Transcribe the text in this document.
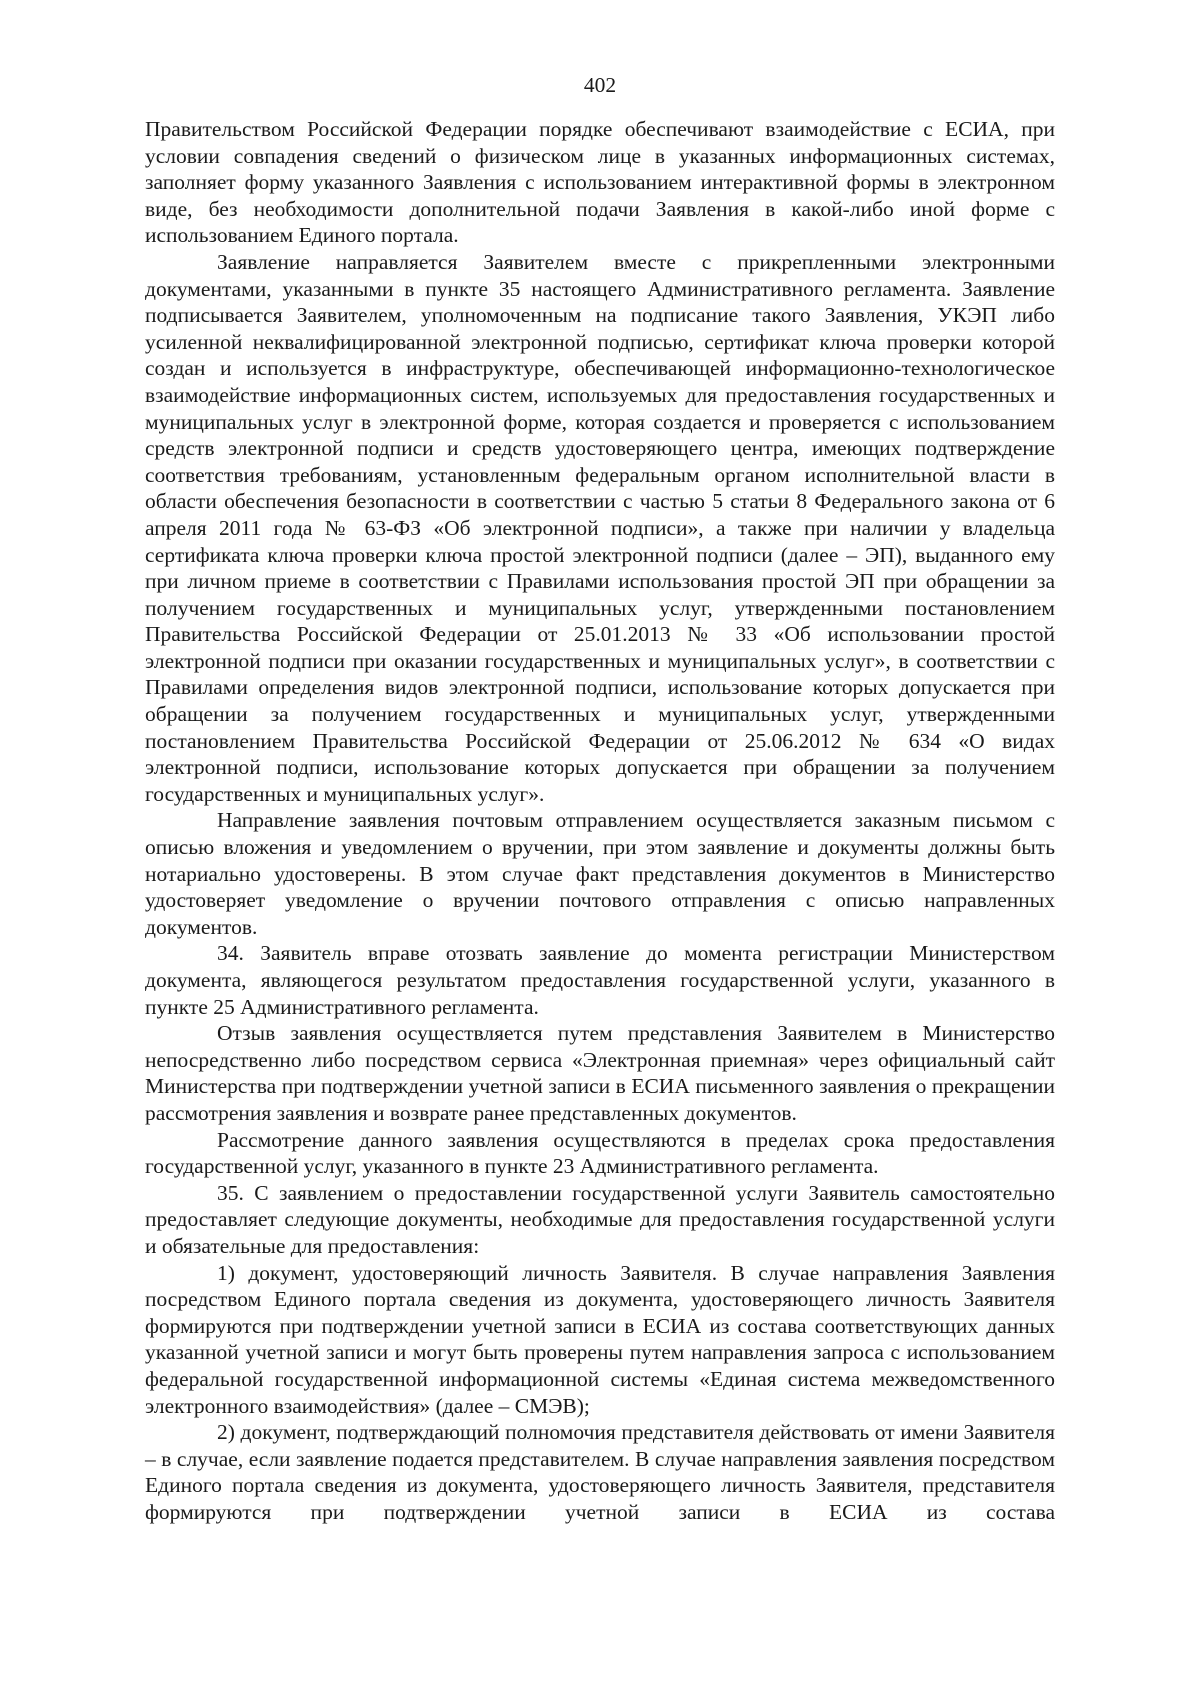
402

Правительством Российской Федерации порядке обеспечивают взаимодействие с ЕСИА, при условии совпадения сведений о физическом лице в указанных информационных системах, заполняет форму указанного Заявления с использованием интерактивной формы в электронном виде, без необходимости дополнительной подачи Заявления в какой-либо иной форме с использованием Единого портала.

Заявление направляется Заявителем вместе с прикрепленными электронными документами, указанными в пункте 35 настоящего Административного регламента. Заявление подписывается Заявителем, уполномоченным на подписание такого Заявления, УКЭП либо усиленной неквалифицированной электронной подписью, сертификат ключа проверки которой создан и используется в инфраструктуре, обеспечивающей информационно-технологическое взаимодействие информационных систем, используемых для предоставления государственных и муниципальных услуг в электронной форме, которая создается и проверяется с использованием средств электронной подписи и средств удостоверяющего центра, имеющих подтверждение соответствия требованиям, установленным федеральным органом исполнительной власти в области обеспечения безопасности в соответствии с частью 5 статьи 8 Федерального закона от 6 апреля 2011 года № 63-ФЗ «Об электронной подписи», а также при наличии у владельца сертификата ключа проверки ключа простой электронной подписи (далее – ЭП), выданного ему при личном приеме в соответствии с Правилами использования простой ЭП при обращении за получением государственных и муниципальных услуг, утвержденными постановлением Правительства Российской Федерации от 25.01.2013 № 33 «Об использовании простой электронной подписи при оказании государственных и муниципальных услуг», в соответствии с Правилами определения видов электронной подписи, использование которых допускается при обращении за получением государственных и муниципальных услуг, утвержденными постановлением Правительства Российской Федерации от 25.06.2012 № 634 «О видах электронной подписи, использование которых допускается при обращении за получением государственных и муниципальных услуг».

Направление заявления почтовым отправлением осуществляется заказным письмом с описью вложения и уведомлением о вручении, при этом заявление и документы должны быть нотариально удостоверены. В этом случае факт представления документов в Министерство удостоверяет уведомление о вручении почтового отправления с описью направленных документов.

34. Заявитель вправе отозвать заявление до момента регистрации Министерством документа, являющегося результатом предоставления государственной услуги, указанного в пункте 25 Административного регламента.

Отзыв заявления осуществляется путем представления Заявителем в Министерство непосредственно либо посредством сервиса «Электронная приемная» через официальный сайт Министерства при подтверждении учетной записи в ЕСИА письменного заявления о прекращении рассмотрения заявления и возврате ранее представленных документов.

Рассмотрение данного заявления осуществляются в пределах срока предоставления государственной услуг, указанного в пункте 23 Административного регламента.

35. С заявлением о предоставлении государственной услуги Заявитель самостоятельно предоставляет следующие документы, необходимые для предоставления государственной услуги и обязательные для предоставления:

1) документ, удостоверяющий личность Заявителя. В случае направления Заявления посредством Единого портала сведения из документа, удостоверяющего личность Заявителя формируются при подтверждении учетной записи в ЕСИА из состава соответствующих данных указанной учетной записи и могут быть проверены путем направления запроса с использованием федеральной государственной информационной системы «Единая система межведомственного электронного взаимодействия» (далее – СМЭВ);

2) документ, подтверждающий полномочия представителя действовать от имени Заявителя – в случае, если заявление подается представителем. В случае направления заявления посредством Единого портала сведения из документа, удостоверяющего личность Заявителя, представителя формируются при подтверждении учетной записи в ЕСИА из состава
